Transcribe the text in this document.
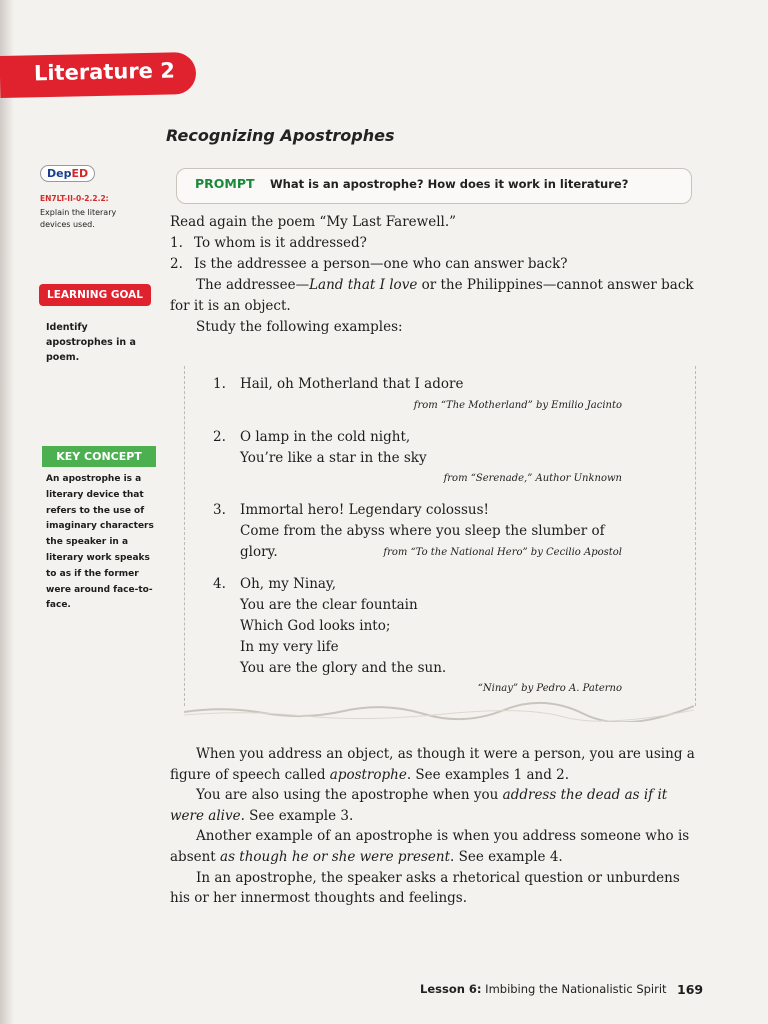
Literature 2
Recognizing Apostrophes
DepED
EN7LT-II-0-2.2.2:
Explain the literary devices used.
LEARNING GOAL
Identify apostrophes in a poem.
KEY CONCEPT
An apostrophe is a literary device that refers to the use of imaginary characters the speaker in a literary work speaks to as if the former were around face-to-face.
PROMPT What is an apostrophe? How does it work in literature?
Read again the poem “My Last Farewell.”
1. To whom is it addressed?
2. Is the addressee a person—one who can answer back?
The addressee—Land that I love or the Philippines—cannot answer back for it is an object.
Study the following examples:
1.	Hail, oh Motherland that I adore
from “The Motherland” by Emilio Jacinto
2.	O lamp in the cold night,
You’re like a star in the sky
from “Serenade,” Author Unknown
3.	Immortal hero! Legendary colossus!
Come from the abyss where you sleep the slumber of glory.	from “To the National Hero” by Cecilio Apostol
4.	Oh, my Ninay,
You are the clear fountain
Which God looks into;
In my very life
You are the glory and the sun.
“Ninay” by Pedro A. Paterno
When you address an object, as though it were a person, you are using a figure of speech called apostrophe. See examples 1 and 2.
You are also using the apostrophe when you address the dead as if it were alive. See example 3.
Another example of an apostrophe is when you address someone who is absent as though he or she were present. See example 4.
In an apostrophe, the speaker asks a rhetorical question or unburdens his or her innermost thoughts and feelings.
Lesson 6: Imbibing the Nationalistic Spirit 169
